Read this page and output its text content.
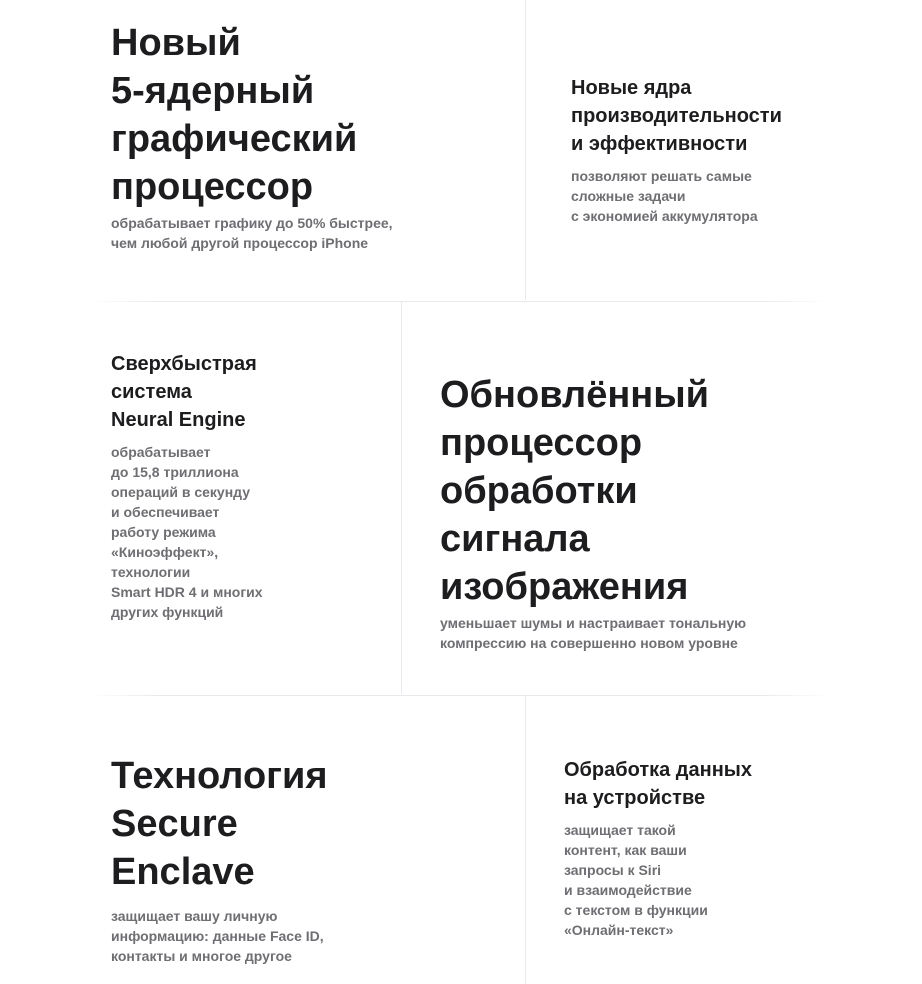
Новый
5-ядерный
графический
процессор

обрабатывает графику до 50% быстрее,
чем любой другой процессор iPhone

Новые ядра
производительности
и эффективности

позволяют решать самые
сложные задачи
с экономией аккумулятора

Сверхбыстрая
система
Neural Engine

обрабатывает
до 15,8 триллиона
операций в секунду
и обеспечивает
работу режима
«Киноэффект»,
технологии
Smart HDR 4 и многих
других функций

Обновлённый
процессор
обработки
сигнала
изображения

уменьшает шумы и настраивает тональную
компрессию на совершенно новом уровне

Технология
Secure
Enclave

защищает вашу личную
информацию: данные Face ID,
контакты и многое другое

Обработка данных
на устройстве

защищает такой
контент, как ваши
запросы к Siri
и взаимодействие
с текстом в функции
«Онлайн-текст»
